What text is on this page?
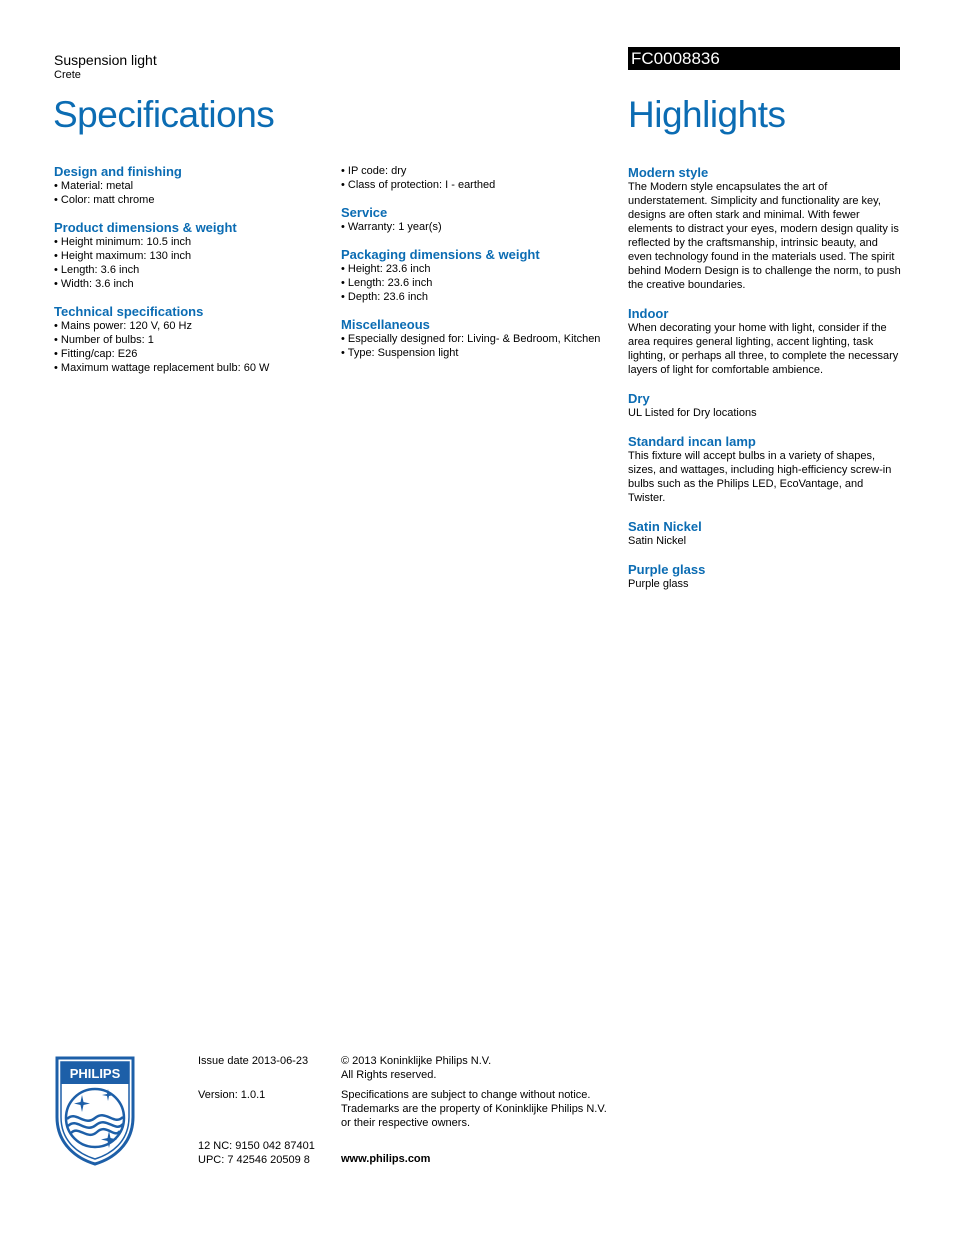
Suspension light
Crete
FC0008836
Specifications	Highlights
Design and finishing
• Material: metal
• Color: matt chrome
Product dimensions & weight
• Height minimum: 10.5 inch
• Height maximum: 130 inch
• Length: 3.6 inch
• Width: 3.6 inch
Technical specifications
• Mains power: 120 V, 60 Hz
• Number of bulbs: 1
• Fitting/cap: E26
• Maximum wattage replacement bulb: 60 W
• IP code: dry
• Class of protection: I - earthed
Service
• Warranty: 1 year(s)
Packaging dimensions & weight
• Height: 23.6 inch
• Length: 23.6 inch
• Depth: 23.6 inch
Miscellaneous
• Especially designed for: Living- & Bedroom, Kitchen
• Type: Suspension light
Modern style

The Modern style encapsulates the art of understatement. Simplicity and functionality are key, designs are often stark and minimal. With fewer elements to distract your eyes, modern design quality is reflected by the craftsmanship, intrinsic beauty, and even technology found in the materials used. The spirit behind Modern Design is to challenge the norm, to push the creative boundaries.

Indoor

When decorating your home with light, consider if the area requires general lighting, accent lighting, task lighting, or perhaps all three, to complete the necessary layers of light for comfortable ambience.

Dry

UL Listed for Dry locations

Standard incan lamp

This fixture will accept bulbs in a variety of shapes, sizes, and wattages, including high-efficiency screw-in bulbs such as the Philips LED, EcoVantage, and Twister.

Satin Nickel

Satin Nickel

Purple glass

Purple glass

PHILIPS
Issue date 2013-06-23
Version: 1.0.1
12 NC: 9150 042 87401
UPC: 7 42546 20509 8
© 2013 Koninklijke Philips N.V.
All Rights reserved.
Specifications are subject to change without notice.
Trademarks are the property of Koninklijke Philips N.V.
or their respective owners.
www.philips.com
